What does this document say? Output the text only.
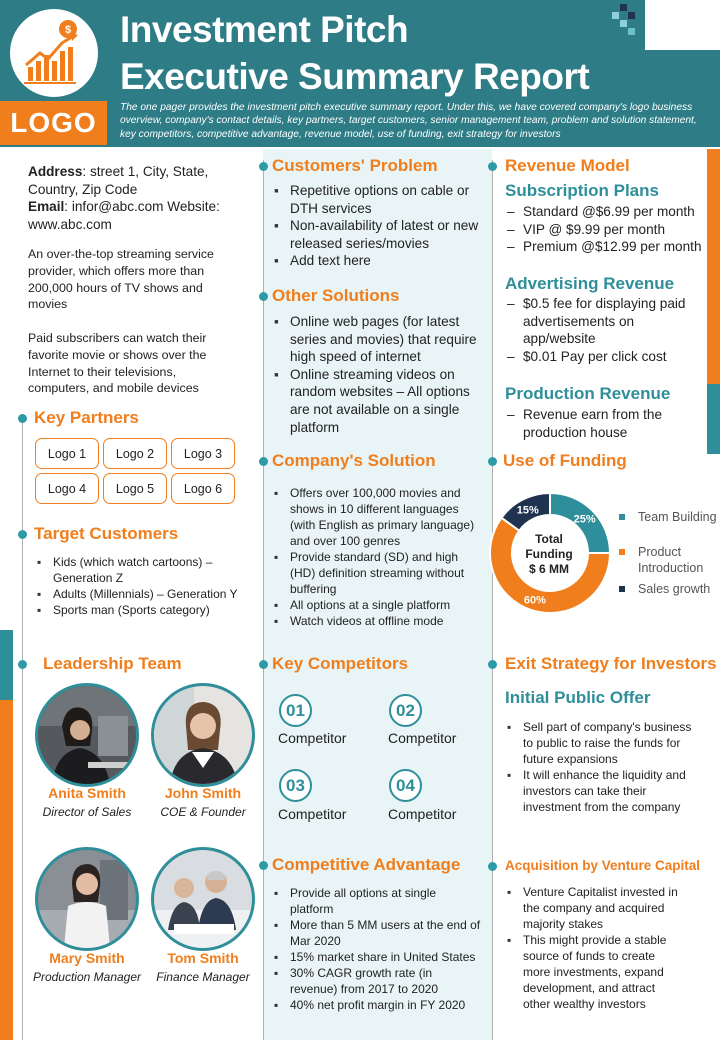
$ Investment Pitch
Executive Summary Report
The one pager provides the investment pitch executive summary report. Under this, we have covered company's logo business overview, company's contact details, key partners, target customers, senior management team, problem and solution statement, key competitors, competitive advantage, revenue model, use of funding, exit strategy for investors
LOGO
Address: street 1, City, State, Country, Zip Code
Email: infor@abc.com Website: www.abc.com
An over-the-top streaming service provider, which offers more than 200,000 hours of TV shows and movies
Paid subscribers can watch their favorite movie or shows over the Internet to their televisions, computers, and mobile devices
Key Partners
Logo 1	Logo 2	Logo 3
Logo 4	Logo 5	Logo 6
Target Customers
▪ Kids (which watch cartoons) – Generation Z
▪ Adults (Millennials) – Generation Y
▪ Sports man (Sports category)
Leadership Team
Anita Smith
Director of Sales
John Smith
COE & Founder
Mary Smith
Production Manager
Tom Smith
Finance Manager
Customers' Problem
▪ Repetitive options on cable or DTH services
▪ Non-availability of latest or new released series/movies
▪ Add text here
Other Solutions
▪ Online web pages (for latest series and movies) that require high speed of internet
▪ Online streaming videos on random websites – All options are not available on a single platform
Company's Solution
▪ Offers over 100,000 movies and shows in 10 different languages (with English as primary language) and over 100 genres
▪ Provide standard (SD) and high (HD) definition streaming without buffering
▪ All options at a single platform
▪ Watch videos at offline mode
Key Competitors
01
Competitor
02
Competitor
03
Competitor
04
Competitor
Competitive Advantage
▪ Provide all options at single platform
▪ More than 5 MM users at the end of Mar 2020
▪ 15% market share in United States
▪ 30% CAGR growth rate (in revenue) from 2017 to 2020
▪ 40% net profit margin in FY 2020
Revenue Model
Subscription Plans
– Standard @$6.99 per month
– VIP @ $9.99 per month
– Premium @$12.99 per month
Advertising Revenue
– $0.5 fee for displaying paid advertisements on app/website
– $0.01 Pay per click cost
Production Revenue
– Revenue earn from the production house
Use of Funding
25%
60%
15%
Total
Funding
$ 6 MM
Team Building
Product Introduction
Sales growth
Exit Strategy for Investors
Initial Public Offer
▪ Sell part of company's business to public to raise the funds for future expansions
▪ It will enhance the liquidity and investors can take their investment from the company
Acquisition by Venture Capital
▪ Venture Capitalist invested in the company and acquired majority stakes
▪ This might provide a stable source of funds to create more investments, expand development, and attract other wealthy investors
